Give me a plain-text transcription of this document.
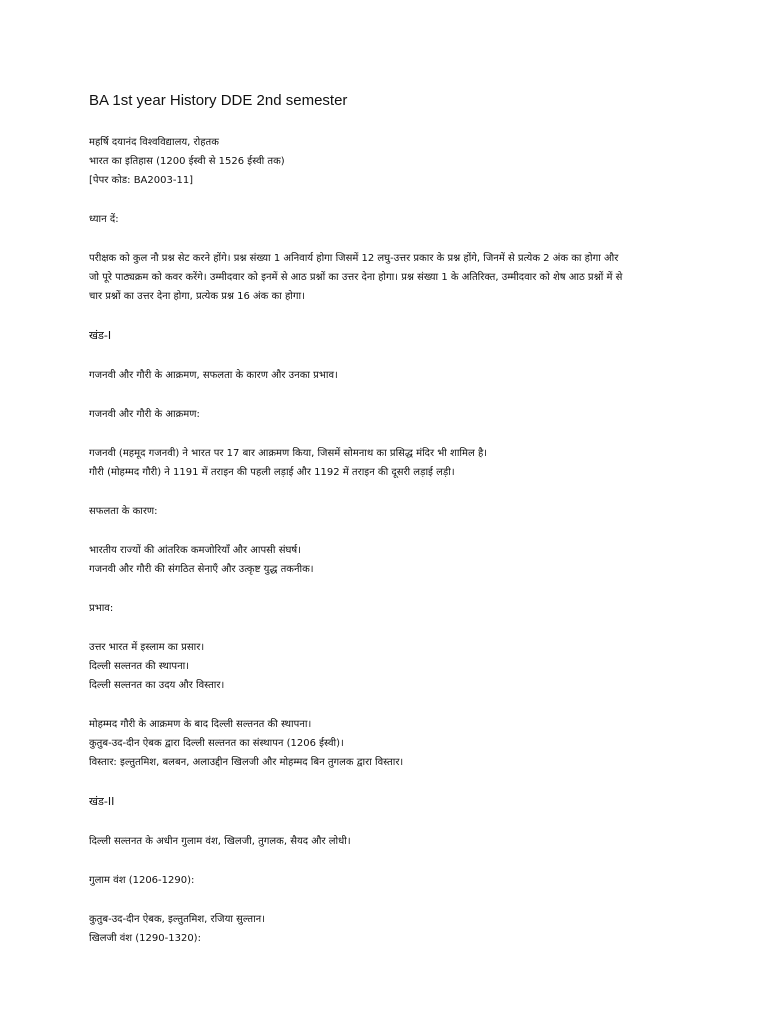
BA 1st year History DDE 2nd semester
महर्षि दयानंद विश्वविद्यालय, रोहतक
भारत का इतिहास (1200 ईस्वी से 1526 ईस्वी तक)
[पेपर कोड: BA2003-11]

ध्यान दें:

परीक्षक को कुल नौ प्रश्न सेट करने होंगे। प्रश्न संख्या 1 अनिवार्य होगा जिसमें 12 लघु-उत्तर प्रकार के प्रश्न होंगे, जिनमें से प्रत्येक 2 अंक का होगा और
जो पूरे पाठ्यक्रम को कवर करेंगे। उम्मीदवार को इनमें से आठ प्रश्नों का उत्तर देना होगा। प्रश्न संख्या 1 के अतिरिक्त, उम्मीदवार को शेष आठ प्रश्नों में से
चार प्रश्नों का उत्तर देना होगा, प्रत्येक प्रश्न 16 अंक का होगा।

खंड-I

गजनवी और गौरी के आक्रमण, सफलता के कारण और उनका प्रभाव।

गजनवी और गौरी के आक्रमण:

गजनवी (महमूद गजनवी) ने भारत पर 17 बार आक्रमण किया, जिसमें सोमनाथ का प्रसिद्ध मंदिर भी शामिल है।
गौरी (मोहम्मद गौरी) ने 1191 में तराइन की पहली लड़ाई और 1192 में तराइन की दूसरी लड़ाई लड़ी।

सफलता के कारण:

भारतीय राज्यों की आंतरिक कमजोरियाँ और आपसी संघर्ष।
गजनवी और गौरी की संगठित सेनाएँ और उत्कृष्ट युद्ध तकनीक।

प्रभाव:

उत्तर भारत में इस्लाम का प्रसार।
दिल्ली सल्तनत की स्थापना।
दिल्ली सल्तनत का उदय और विस्तार।
मोहम्मद गौरी के आक्रमण के बाद दिल्ली सल्तनत की स्थापना।
कुतुब-उद-दीन ऐबक द्वारा दिल्ली सल्तनत का संस्थापन (1206 ईस्वी)।
विस्तार: इल्तुतमिश, बलबन, अलाउद्दीन खिलजी और मोहम्मद बिन तुगलक द्वारा विस्तार।

खंड-II

दिल्ली सल्तनत के अधीन गुलाम वंश, खिलजी, तुगलक, सैयद और लोधी।

गुलाम वंश (1206-1290):

कुतुब-उद-दीन ऐबक, इल्तुतमिश, रजिया सुल्तान।
खिलजी वंश (1290-1320):
